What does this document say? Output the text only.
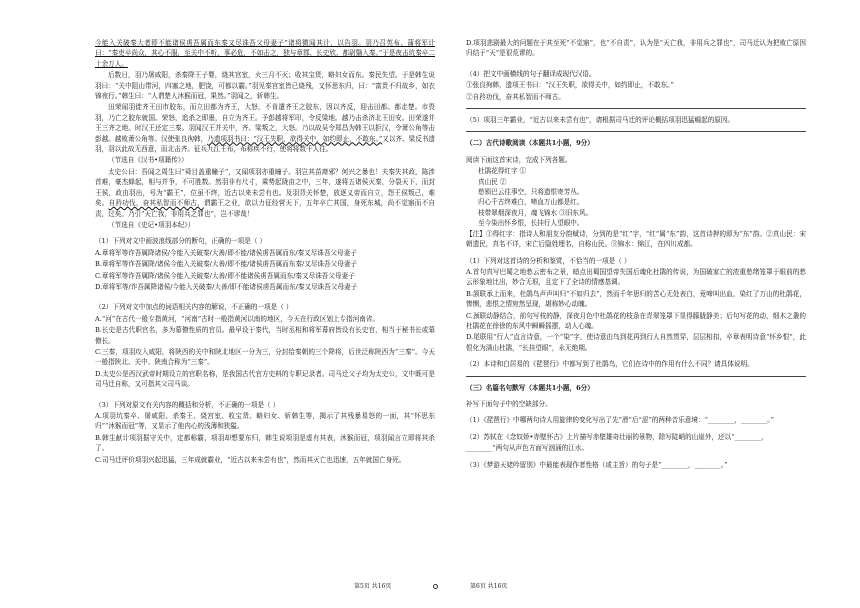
今能入关破秦大者即不能诸侯虏吾属而东秦又尽诛吾父母妻子”诸将微闻其计，以告羽。羽乃召英布、蒲将军计曰：“秦吏卒尚众，其心不服，至关中不听，事必危，不如击之，独与章邯、长史欣、都尉翳入秦。”于是夜击坑秦卒二十余万人。

后数日，羽乃屠咸阳，杀秦降王子婴，烧其宫室，火三月不灭；收其宝货，略妇女而东。秦民失望。于是韩生说羽曰：“关中阻山带河，四塞之地，肥饶，可都以霸。”羽见秦宫室皆已烧残，又怀思东归，曰：“富贵不归故乡，如衣锦夜行。”韩生曰：“人谓楚人沐猴而冠，果然。”羽闻之，斩韩生。

田荣闻羽徙齐王田巿胶东，而立田都为齐王，大怒，不肯遣齐王之胶东，因以齐反，迎击田都。都走楚。市畏羽，乃亡之胶东就国。荣怒，追杀之即墨，自立为齐王。予彭越将军印，令反梁地。越乃击杀济北王田安。田荣遂并王三齐之地。时汉王还定三秦。羽闻汉王并关中，齐、梁叛之，大怒。乃以故吴令郑昌为韩王以拒汉，令萧公角等击彭越。越败萧公角等。汉使张良徇韩，乃遗项羽书曰：“汉王失职，欲得关中，如约即止，不敢东。”又以齐、梁反书遗羽，羽以此故无西意，而北击齐。征兵九江王布，布称疾不行，使将将数千人往。

（节选自《汉书•项籍传》）

太史公曰：吾闻之周生曰“舜目盖重瞳子”，又闻项羽亦重瞳子。羽岂其苗裔邪？何兴之暴也！夫秦失其政，陈涉首难，豪杰蜂起，相与并争，不可胜数。然羽非有尺寸，乘势起陇亩之中，三年，遂将五诸侯灭秦，分裂天下，而封王侯，政由羽出，号为“霸王”，位虽不终，近古以来未尝有也。及羽背关怀楚，放逐义帝而自立，怨王侯叛己，难矣。自矜功伐，奋其私智而不师古，谓霸王之业，欲以力征经营天下，五年卒亡其国，身死东城，尚不觉寤而不自责，过矣。乃引“天亡我，非用兵之罪也”，岂不谬哉！

（节选自《史记•项羽本纪》）

（1）下列对文中画波浪线部分的断句，正确的一项是（ ）

A.章将军等诈吾属降诸侯/今能入关破秦/大善/即不能/诸侯虏吾属而东/秦又尽诛吾父母妻子

B.章将军等诈吾属降/诸侯今能入关破秦/大善/即不能/诸侯虏吾属而东秦/又尽诛吾父母妻子

C.章将军等诈吾属降/诸侯今能入关破秦/大善/即不能诸侯虏吾属而东/秦又尽诛吾父母妻子

D.章将军等/诈吾属降诸侯/今能入关破秦/大善/即不能诸侯虏吾属而东/秦又尽诛吾父母妻子

（2）下列对文中加点的词语相关内容的解说，不正确的一项是（ ）

A.“河”在古代一般专指黄河，“河南”古时一般指黄河以南的地区，今天在行政区划上专指河南省。

B.长史是古代职官名，多为幕僚性质的官员。最早设于秦代，当时丞相和将军幕府皆设有长史官，相当于秘书长或幕僚长。

C.三秦，项羽攻入咸阳，将陕西的关中和陕北地区一分为三，分封给秦朝的三个降将，后世泛称陕西为“三秦”。今天一般指陕北、关中、陕南合称为“三秦”。

D.太史公是西汉武帝时期设立的官职名称，是我国古代官方史料的专职记录者。司马迁父子均为太史公，文中既可是司马迁自称，又可指其父司马谈。

（3）下列对原文有关内容的概括和分析，不正确的一项是（ ）

A.项羽坑秦卒、屠咸阳、杀秦王、烧宫室、收宝货、略妇女、斩韩生等，揭示了其残暴易怒的一面，其“怀思东归”“沐猴而冠”等，又显示了他内心的浅薄和狭隘。

B.韩生献计项羽据守关中，定都称霸，项羽却想要东归，韩生说项羽是虚有其表，沐猴而冠，项羽闻言立即将其杀了。

C.司马迁评价项羽兴起迅猛，三年成就霸业，“近古以来未尝有也”，然而其灭亡也迅速，五年就国亡身死。

D.项羽悲剧最大的问题在于其至死“不觉寤”，也“不自责”，认为是“天亡我，非用兵之罪也”，司马迁认为把败亡原因归结于“天”是很荒谬的。

（4）把文中画横线的句子翻译成现代汉语。

①张良徇韩，遗项王书曰：“汉王失职，欲得关中，如约即止，不敢东。”

②自矜功伐，奋其私智而不师古。

（5）项羽三年霸业，“近古以来未尝有也”，请根据司马迁的评论概括项羽迅猛崛起的原因。

（二）古代诗歌阅读（本题共1小题，9分）

阅读下面这首宋诗，完成下列各题。

杜鹃花得红字 ①

真山民 ②

愁锁巴云往事空，只将遗恨寄芳丛。

归心千古终难白，啼血万山都是红。

枝带翠烟深夜月，魂飞锦水 ③旧东风。

至今染出怀乡恨，长挂行人望眼中。

【注】①得红字：指诗人和朋友分韵赋诗，分到的是“红”字，“红”属“东”韵，这首诗押的即为“东”韵。②真山民：宋朝遗民，真名不详，宋亡后隐姓埋名，自称山民。③锦水：锦江，在四川成都。

（1）下列对这首诗的分析和鉴赏，不恰当的一项是（ ）

A.首句真写巴蜀之地愁云密布之景，暗点出蜀国望帝失国后魂化杜鹃的传说，为国破家亡的浓重愁绪笼罩于眼前的愁云形象地比出，妙合无垠，且定下了全诗的情感基调。

B.颔联承上而来，杜鹃鸟声声叫归“不如归去”，然而千年思归的苦心无处表白，竟啼叫出血，染红了万山的杜鹃花，惨恻，悲恨之情宛然呈现，堪称妙心动魄。

C.颈联动静结合，前句写枝的静，深夜月色中杜鹃花的枝条在青翠笼罩下显得朦胧静美；后句写花的动，细木之叢的杜鹃花在徐徐的东风中瞬瞬摇摆，动人心魂。

D.尾联用“行人”直言诗意，一个“染”字，使诗意由鸟到花再到行人自然贯穿，层层相扣，卒章表明诗意“怀乡恨”，此恨化为满山杜鹃，“长挂望眼”，永无绝期。

（2）本诗和白居易的《琵琶行》中都写到了杜鹃鸟，它们在诗中的作用有什么不同？请具体说明。

（三）名篇名句默写（本题共1小题，6分）

补写下面句子中的空缺部分。

（1）《琵琶行》中哪两句诗人用旋律的变化写出了先“滑”后“涩”的两种音乐意境：“________，________。”

（2）苏轼在《念奴娇•赤壁怀古》上片描写赤壁雄奇壮丽的景物，除写陡峭的山崖外，还以“________，

________”两句从声色方面写汹涌的江水。

（3）《梦游天姥吟留别》中最能表现作者性格（或主旨）的句子是“________，________。”

第5页 共16页	第6页 共16页
